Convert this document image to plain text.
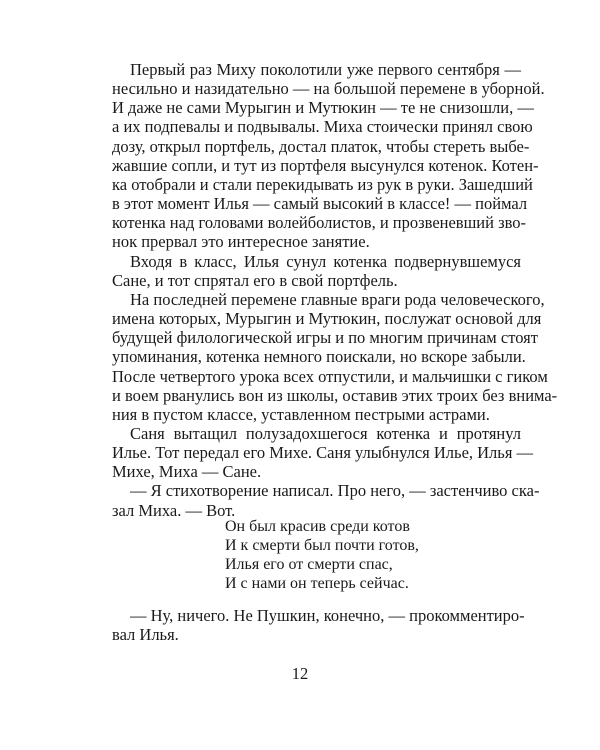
Первый раз Миху поколотили уже первого сентября —

несильно и назидательно — на большой перемене в уборной.

И даже не сами Мурыгин и Мутюкин — те не снизошли, —

а их подпевалы и подвывалы. Миха стоически принял свою

дозу, открыл портфель, достал платок, чтобы стереть выбе-

жавшие сопли, и тут из портфеля высунулся котенок. Котен-

ка отобрали и стали перекидывать из рук в руки. Зашедший

в этот момент Илья — самый высокий в классе! — поймал

котенка над головами волейболистов, и прозвеневший зво-

нок прервал это интересное занятие.

Входя в класс, Илья сунул котенка подвернувшемуся

Сане, и тот спрятал его в свой портфель.

На последней перемене главные враги рода человеческого,

имена которых, Мурыгин и Мутюкин, послужат основой для

будущей филологической игры и по многим причинам стоят

упоминания, котенка немного поискали, но вскоре забыли.

После четвертого урока всех отпустили, и мальчишки с гиком

и воем рванулись вон из школы, оставив этих троих без внима-

ния в пустом классе, уставленном пестрыми астрами.

Саня вытащил полузадохшегося котенка и протянул

Илье. Тот передал его Михе. Саня улыбнулся Илье, Илья —

Михе, Миха — Сане.

— Я стихотворение написал. Про него, — застенчиво ска-

зал Миха. — Вот.

Он был красив среди котов

И к смерти был почти готов,

Илья его от смерти спас,

И с нами он теперь сейчас.

— Ну, ничего. Не Пушкин, конечно, — прокомментиро-

вал Илья.

12
